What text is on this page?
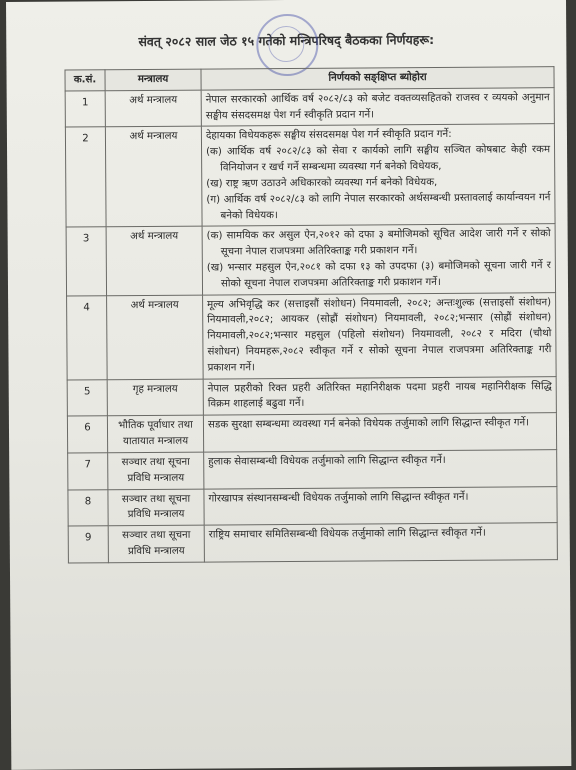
संवत् २०८२ साल जेठ १५ गतेको मन्त्रिपरिषद् बैठकका निर्णयहरू:
क.सं.	मन्त्रालय	निर्णयको सङ्क्षिप्त ब्योहोरा
1	अर्थ मन्त्रालय	नेपाल सरकारको आर्थिक वर्ष २०८२/८३ को बजेट वक्तव्यसहितको राजस्व र व्ययको अनुमान सङ्घीय संसदसमक्ष पेश गर्न स्वीकृति प्रदान गर्ने।
2	अर्थ मन्त्रालय	देहायका विधेयकहरू सङ्घीय संसदसमक्ष पेश गर्न स्वीकृति प्रदान गर्ने:
(क) आर्थिक वर्ष २०८२/८३ को सेवा र कार्यको लागि सङ्घीय सञ्चित कोषबाट केही रकम विनियोजन र खर्च गर्ने सम्बन्धमा व्यवस्था गर्न बनेको विधेयक,
(ख) राष्ट्र ऋण उठाउने अधिकारको व्यवस्था गर्न बनेको विधेयक,
(ग) आर्थिक वर्ष २०८२/८३ को लागि नेपाल सरकारको अर्थसम्बन्धी प्रस्तावलाई कार्यान्वयन गर्न बनेको विधेयक।

3	अर्थ मन्त्रालय	(क) सामयिक कर असुल ऐन,२०१२ को दफा ३ बमोजिमको सूचित आदेश जारी गर्ने र सोको सूचना नेपाल राजपत्रमा अतिरिक्ताङ्क गरी प्रकाशन गर्ने।
(ख) भन्सार महसुल ऐन,२०८१ को दफा १३ को उपदफा (३) बमोजिमको सूचना जारी गर्ने र सोको सूचना नेपाल राजपत्रमा अतिरिक्ताङ्क गरी प्रकाशन गर्ने।

4	अर्थ मन्त्रालय	मूल्य अभिवृद्धि कर (सत्ताइसौं संशोधन) नियमावली, २०८२; अन्तःशुल्क (सत्ताइसौं संशोधन) नियमावली,२०८२; आयकर (सोह्रौं संशोधन) नियमावली, २०८२;भन्सार (सोह्रौं संशोधन) नियमावली,२०८२;भन्सार महसुल (पहिलो संशोधन) नियमावली, २०८२ र मदिरा (चौथो संशोधन) नियमहरू,२०८२ स्वीकृत गर्ने र सोको सूचना नेपाल राजपत्रमा अतिरिक्ताङ्क गरी प्रकाशन गर्ने।
5	गृह मन्त्रालय	नेपाल प्रहरीको रिक्त प्रहरी अतिरिक्त महानिरीक्षक पदमा प्रहरी नायब महानिरीक्षक सिद्धि विक्रम शाहलाई बढुवा गर्ने।
6	भौतिक पूर्वाधार तथा यातायात मन्त्रालय	सडक सुरक्षा सम्बन्धमा व्यवस्था गर्न बनेको विधेयक तर्जुमाको लागि सिद्धान्त स्वीकृत गर्ने।
7	सञ्चार तथा सूचना प्रविधि मन्त्रालय	हुलाक सेवासम्बन्धी विधेयक तर्जुमाको लागि सिद्धान्त स्वीकृत गर्ने।
8	सञ्चार तथा सूचना प्रविधि मन्त्रालय	गोरखापत्र संस्थानसम्बन्धी विधेयक तर्जुमाको लागि सिद्धान्त स्वीकृत गर्ने।
9	सञ्चार तथा सूचना प्रविधि मन्त्रालय	राष्ट्रिय समाचार समितिसम्बन्धी विधेयक तर्जुमाको लागि सिद्धान्त स्वीकृत गर्ने।
